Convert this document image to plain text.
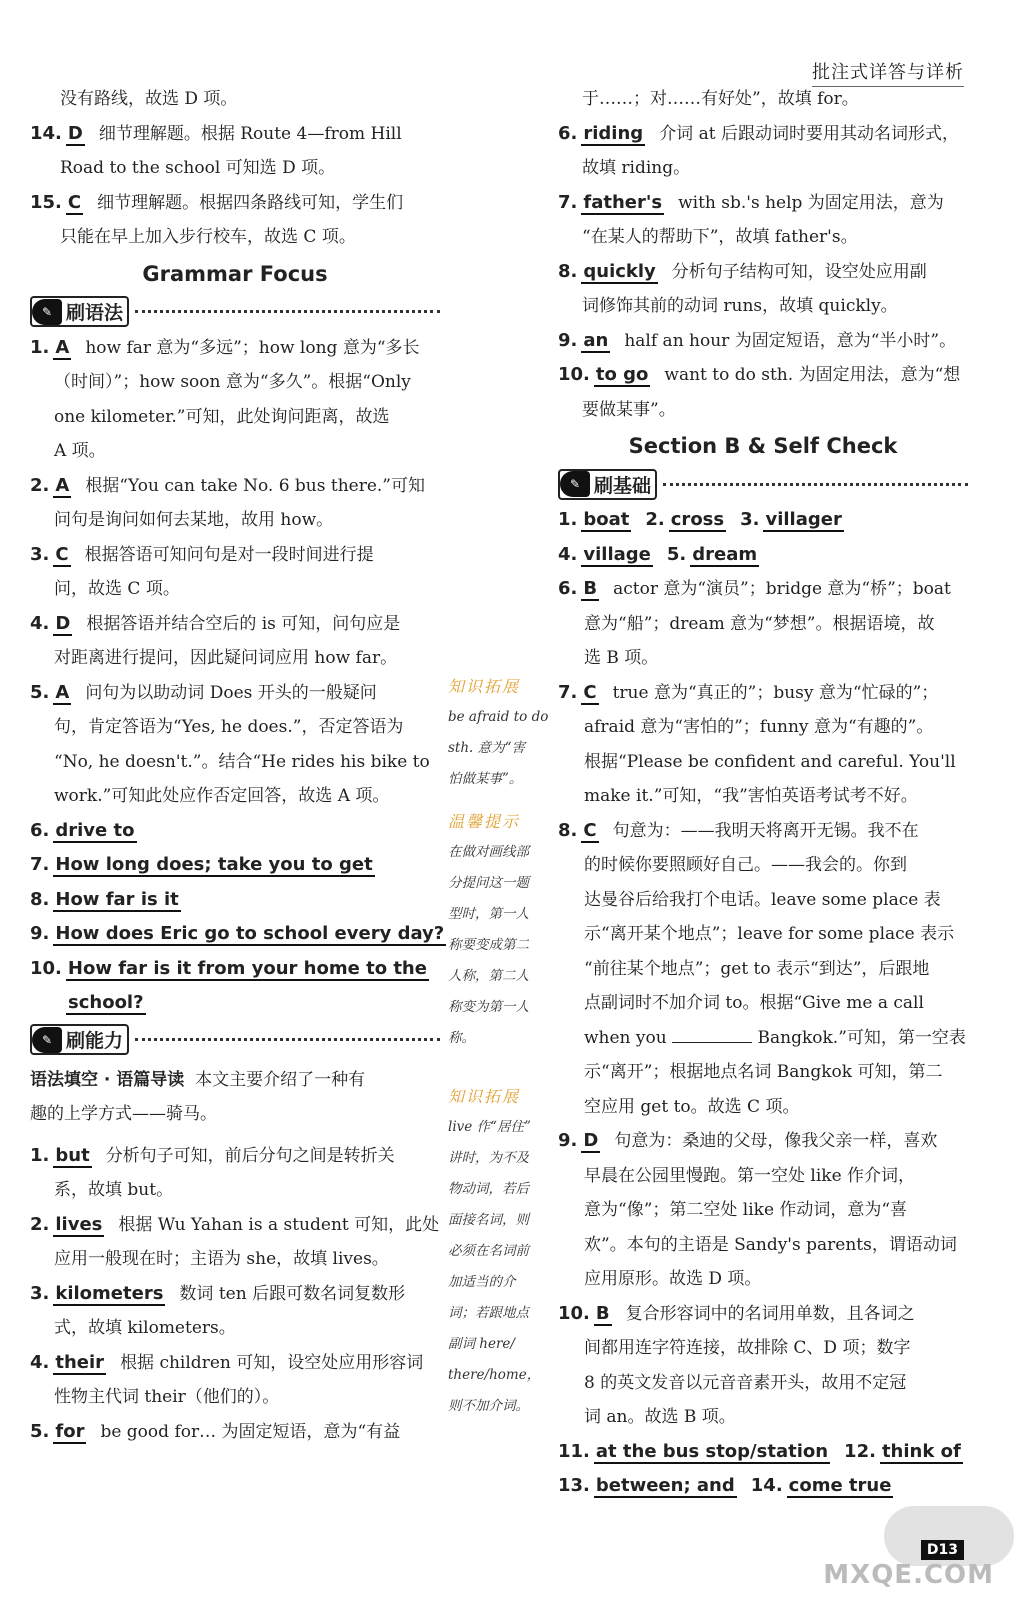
批注式详答与详析
没有路线，故选 D 项。
14. D 细节理解题。根据 Route 4—from Hill
Road to the school 可知选 D 项。
15. C 细节理解题。根据四条路线可知，学生们
只能在早上加入步行校车，故选 C 项。
Grammar Focus
✎ 刷语法
1. A how far 意为“多远”；how long 意为“多长
（时间）”；how soon 意为“多久”。根据“Only
one kilometer.”可知，此处询问距离，故选
A 项。
2. A 根据“You can take No. 6 bus there.”可知
问句是询问如何去某地，故用 how。
3. C 根据答语可知问句是对一段时间进行提
问，故选 C 项。
4. D 根据答语并结合空后的 is 可知，问句应是
对距离进行提问，因此疑问词应用 how far。
5. A 问句为以助动词 Does 开头的一般疑问
句，肯定答语为“Yes, he does.”，否定答语为
“No, he doesn't.”。结合“He rides his bike to
work.”可知此处应作否定回答，故选 A 项。
6. drive to
7. How long does; take you to get
8. How far is it
9. How does Eric go to school every day?
10. How far is it from your home to the
school?
✎ 刷能力
语法填空 · 语篇导读 本文主要介绍了一种有
趣的上学方式——骑马。
1. but 分析句子可知，前后分句之间是转折关
系，故填 but。
2. lives 根据 Wu Yahan is a student 可知，此处
应用一般现在时；主语为 she，故填 lives。
3. kilometers 数词 ten 后跟可数名词复数形
式，故填 kilometers。
4. their 根据 children 可知，设空处应用形容词
性物主代词 their（他们的）。
5. for be good for… 为固定短语，意为“有益
知识拓展
be afraid to do
sth. 意为“害
怕做某事”。
温馨提示
在做对画线部
分提问这一题
型时，第一人
称要变成第二
人称，第二人
称变为第一人
称。
知识拓展
live 作“居住”
讲时，为不及
物动词，若后
面接名词，则
必须在名词前
加适当的介
词；若跟地点
副词 here/
there/home，
则不加介词。
于……；对……有好处”，故填 for。
6. riding 介词 at 后跟动词时要用其动名词形式，
故填 riding。
7. father's with sb.'s help 为固定用法，意为
“在某人的帮助下”，故填 father's。
8. quickly 分析句子结构可知，设空处应用副
词修饰其前的动词 runs，故填 quickly。
9. an half an hour 为固定短语，意为“半小时”。
10. to go want to do sth. 为固定用法，意为“想
要做某事”。
Section B & Self Check
✎ 刷基础
1. boat 2. cross 3. villager
4. village 5. dream
6. B actor 意为“演员”；bridge 意为“桥”；boat
意为“船”；dream 意为“梦想”。根据语境，故
选 B 项。
7. C true 意为“真正的”；busy 意为“忙碌的”；
afraid 意为“害怕的”；funny 意为“有趣的”。
根据“Please be confident and careful. You'll
make it.”可知，“我”害怕英语考试考不好。
8. C 句意为：——我明天将离开无锡。我不在
的时候你要照顾好自己。——我会的。你到
达曼谷后给我打个电话。leave some place 表
示“离开某个地点”；leave for some place 表示
“前往某个地点”；get to 表示“到达”，后跟地
点副词时不加介词 to。根据“Give me a call
when you	Bangkok.”可知，第一空表
示“离开”；根据地点名词 Bangkok 可知，第二
空应用 get to。故选 C 项。
9. D 句意为：桑迪的父母，像我父亲一样，喜欢
早晨在公园里慢跑。第一空处 like 作介词，
意为“像”；第二空处 like 作动词，意为“喜
欢”。本句的主语是 Sandy's parents，谓语动词
应用原形。故选 D 项。
10. B 复合形容词中的名词用单数，且各词之
间都用连字符连接，故排除 C、D 项；数字
8 的英文发音以元音音素开头，故用不定冠
词 an。故选 B 项。
11. at the bus stop/station 12. think of
13. between; and 14. come true
D13
MXQE.COM
